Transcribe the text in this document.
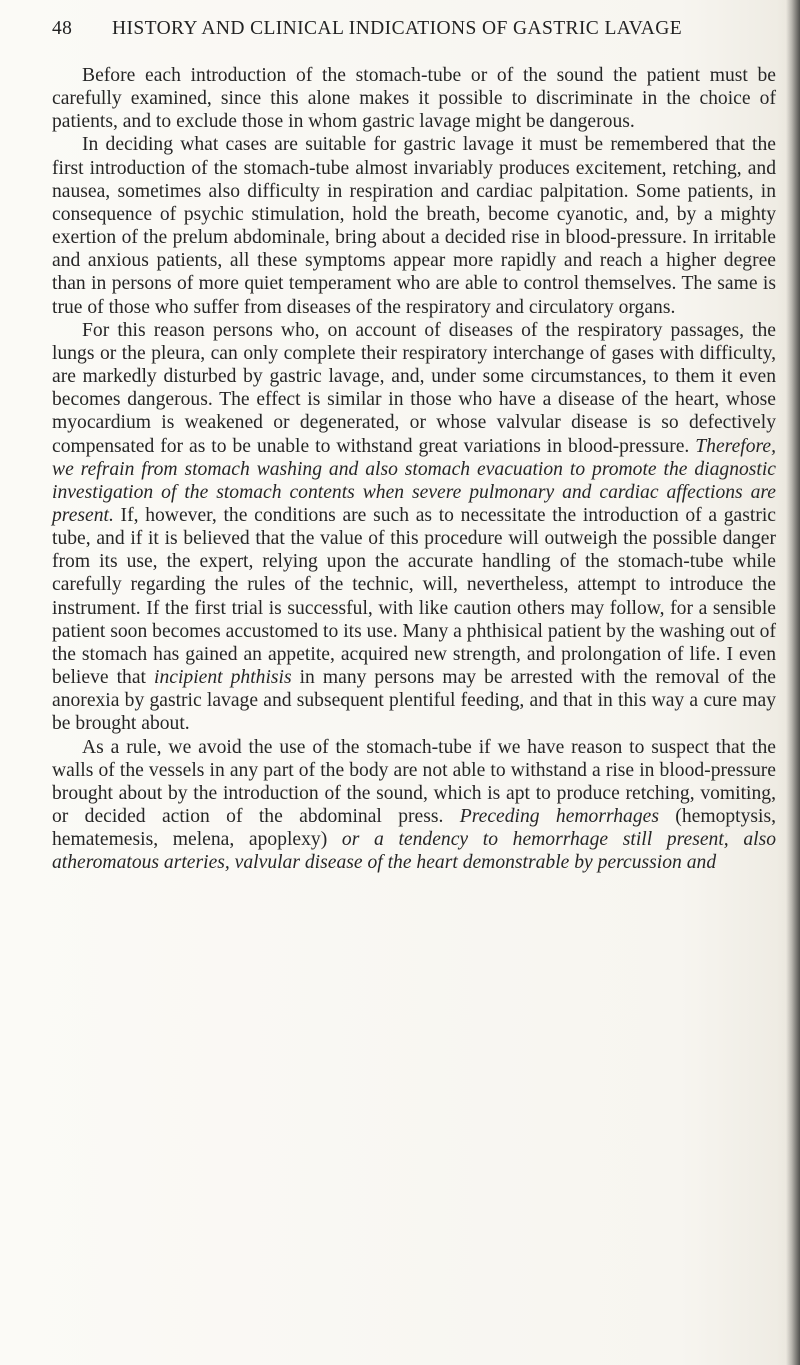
48 HISTORY AND CLINICAL INDICATIONS OF GASTRIC LAVAGE

Before each introduction of the stomach-tube or of the sound the patient must be carefully examined, since this alone makes it possible to discriminate in the choice of patients, and to exclude those in whom gastric lavage might be dangerous.

In deciding what cases are suitable for gastric lavage it must be remembered that the first introduction of the stomach-tube almost invariably produces excitement, retching, and nausea, sometimes also difficulty in respiration and cardiac palpitation. Some patients, in consequence of psychic stimulation, hold the breath, become cyanotic, and, by a mighty exertion of the prelum abdominale, bring about a decided rise in blood-pressure. In irritable and anxious patients, all these symptoms appear more rapidly and reach a higher degree than in persons of more quiet temperament who are able to control themselves. The same is true of those who suffer from diseases of the respiratory and circulatory organs.

For this reason persons who, on account of diseases of the respiratory passages, the lungs or the pleura, can only complete their respiratory interchange of gases with difficulty, are markedly disturbed by gastric lavage, and, under some circumstances, to them it even becomes dangerous. The effect is similar in those who have a disease of the heart, whose myocardium is weakened or degenerated, or whose valvular disease is so defectively compensated for as to be unable to withstand great variations in blood-pressure. Therefore, we refrain from stomach washing and also stomach evacuation to promote the diagnostic investigation of the stomach contents when severe pulmonary and cardiac affections are present. If, however, the conditions are such as to necessitate the introduction of a gastric tube, and if it is believed that the value of this procedure will outweigh the possible danger from its use, the expert, relying upon the accurate handling of the stomach-tube while carefully regarding the rules of the technic, will, nevertheless, attempt to introduce the instrument. If the first trial is successful, with like caution others may follow, for a sensible patient soon becomes accustomed to its use. Many a phthisical patient by the washing out of the stomach has gained an appetite, acquired new strength, and prolongation of life. I even believe that incipient phthisis in many persons may be arrested with the removal of the anorexia by gastric lavage and subsequent plentiful feeding, and that in this way a cure may be brought about.

As a rule, we avoid the use of the stomach-tube if we have reason to suspect that the walls of the vessels in any part of the body are not able to withstand a rise in blood-pressure brought about by the introduction of the sound, which is apt to produce retching, vomiting, or decided action of the abdominal press. Preceding hemorrhages (hemoptysis, hematemesis, melena, apoplexy) or a tendency to hemorrhage still present, also atheromatous arteries, valvular disease of the heart demonstrable by percussion and
